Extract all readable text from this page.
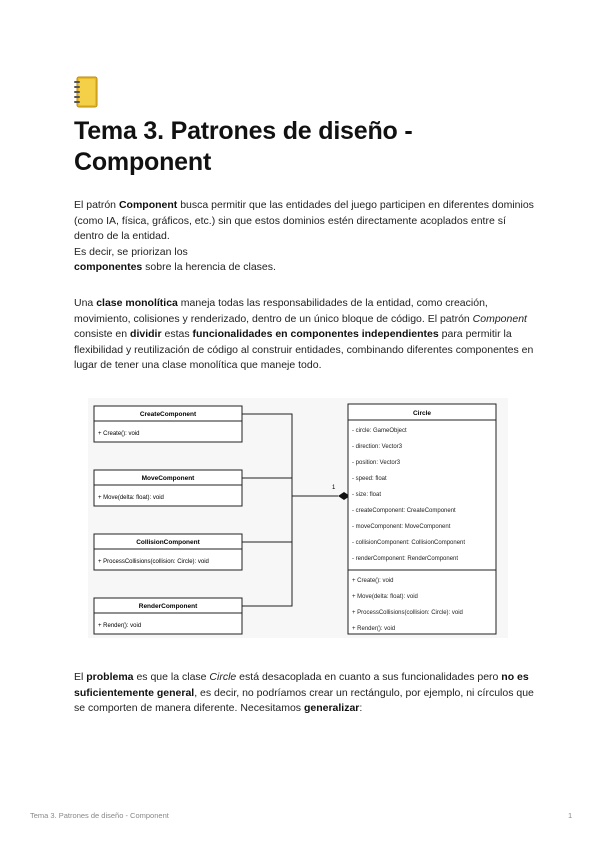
Tema 3. Patrones de diseño -
Component
El patrón Component busca permitir que las entidades del juego participen en diferentes dominios (como IA, física, gráficos, etc.) sin que estos dominios estén directamente acoplados entre sí dentro de la entidad.
Es decir, se priorizan los
componentes sobre la herencia de clases.
Una clase monolítica maneja todas las responsabilidades de la entidad, como creación, movimiento, colisiones y renderizado, dentro de un único bloque de código. El patrón Component consiste en dividir estas funcionalidades en componentes independientes para permitir la flexibilidad y reutilización de código al construir entidades, combinando diferentes componentes en lugar de tener una clase monolítica que maneje todo.
CreateComponent
+ Create(): void
MoveComponent
+ Move(delta: float): void
CollisionComponent
+ ProcessCollisions(collision: Circle): void
RenderComponent
+ Render(): void
1
Circle
- circle: GameObject
- direction: Vector3
- position: Vector3
- speed: float
- size: float
- createComponent: CreateComponent
- moveComponent: MoveComponent
- collisionComponent: CollisionComponent
- renderComponent: RenderComponent
+ Create(): void
+ Move(delta: float): void
+ ProcessCollisions(collision: Circle): void
+ Render(): void
El problema es que la clase Circle está desacoplada en cuanto a sus funcionalidades pero no es suficientemente general, es decir, no podríamos crear un rectángulo, por ejemplo, ni círculos que se comporten de manera diferente. Necesitamos generalizar:
Tema 3. Patrones de diseño - Component	1
